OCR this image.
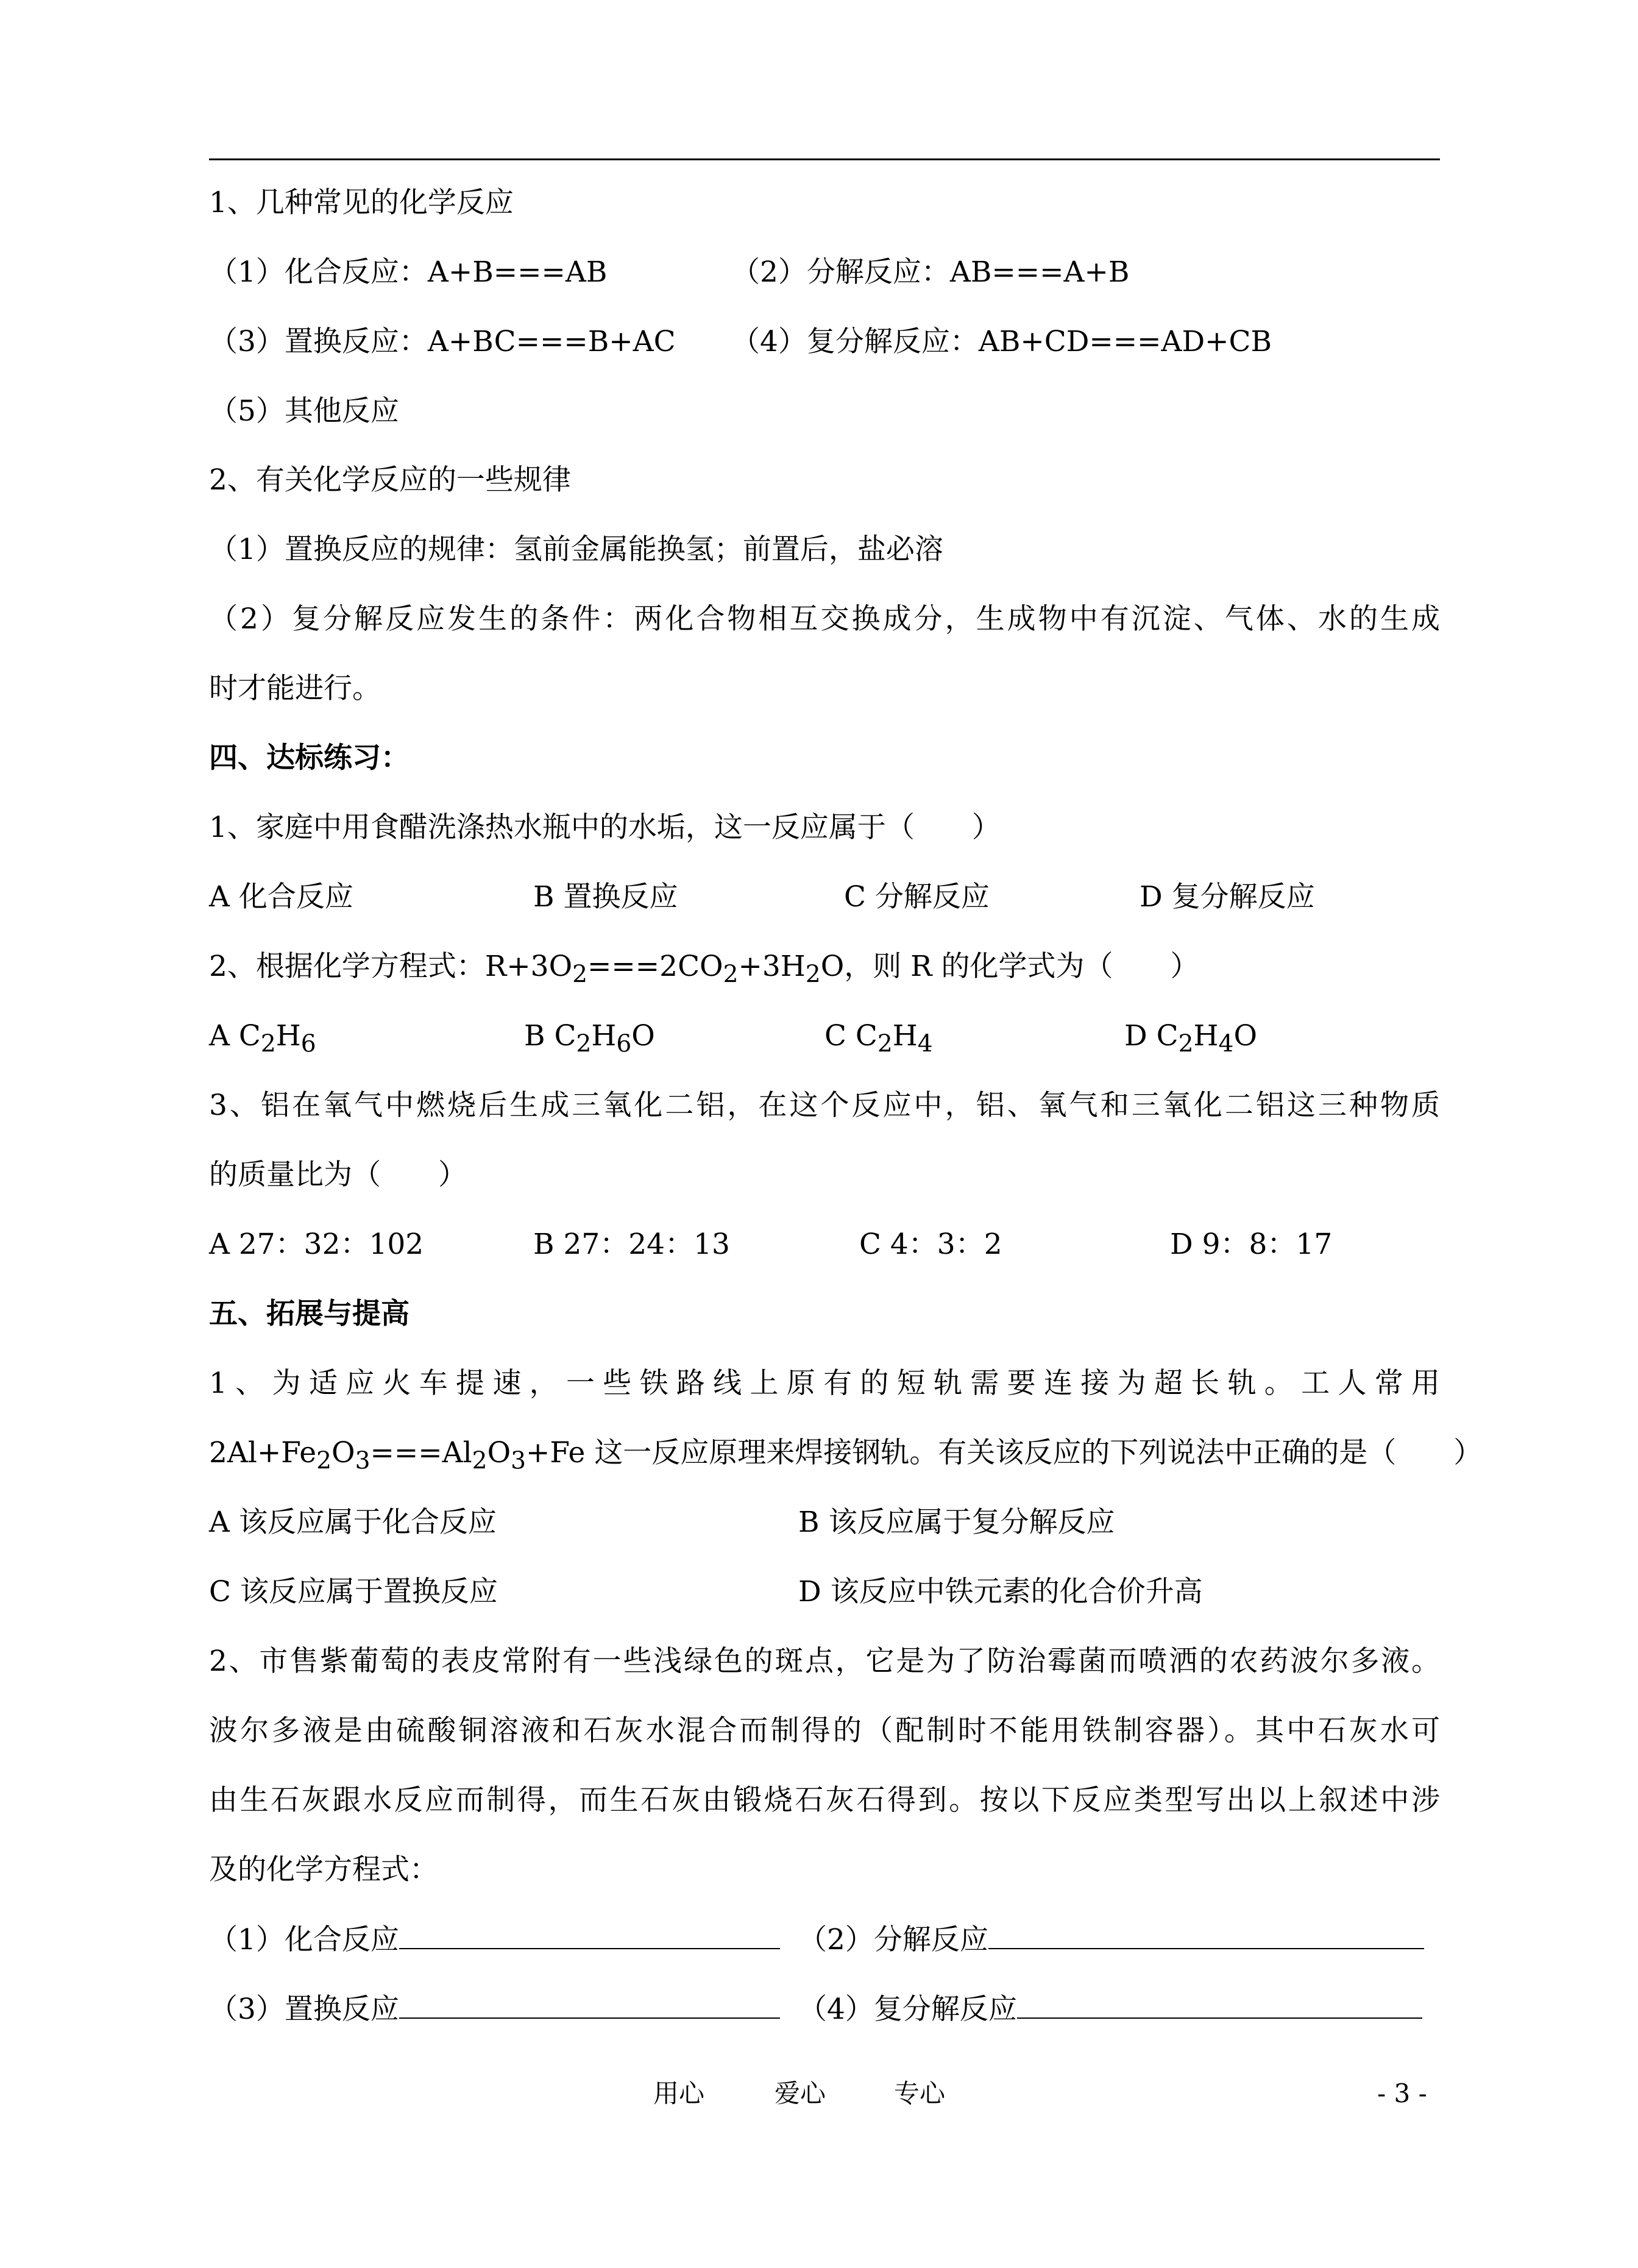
1、几种常见的化学反应
（1）化合反应：A+B===AB	（2）分解反应：AB===A+B
（3）置换反应：A+BC===B+AC （4）复分解反应：AB+CD===AD+CB
（5）其他反应
2、有关化学反应的一些规律
（1）置换反应的规律：氢前金属能换氢；前置后，盐必溶
（2）复分解反应发生的条件：两化合物相互交换成分，生成物中有沉淀、气体、水的生成
时才能进行。
四、达标练习：
1、家庭中用食醋洗涤热水瓶中的水垢，这一反应属于（　　）
A 化合反应	B 置换反应	C 分解反应	D 复分解反应
2、根据化学方程式：$R+3O_2===2CO_2+3H_2O$，则 R 的化学式为（　　）
A $C_2H_6$	B $C_2H_6O$	C $C_2H_4$	D $C_2H_4O$
3、铝在氧气中燃烧后生成三氧化二铝，在这个反应中，铝、氧气和三氧化二铝这三种物质
的质量比为（　　）
A 27：32：102	B 27：24：13	C 4：3：2	D 9：8：17
五、拓展与提高
1、为适应火车提速，一些铁路线上原有的短轨需要连接为超长轨。工人常用
$2Al+Fe_2O_3===Al_2O_3+Fe$ 这一反应原理来焊接钢轨。有关该反应的下列说法中正确的是（　　）
A 该反应属于化合反应	B 该反应属于复分解反应
C 该反应属于置换反应	D 该反应中铁元素的化合价升高
2、市售紫葡萄的表皮常附有一些浅绿色的斑点，它是为了防治霉菌而喷洒的农药波尔多液。
波尔多液是由硫酸铜溶液和石灰水混合而制得的（配制时不能用铁制容器）。其中石灰水可
由生石灰跟水反应而制得，而生石灰由锻烧石灰石得到。按以下反应类型写出以上叙述中涉
及的化学方程式：
（1）化合反应	（2）分解反应
（3）置换反应	（4）复分解反应
用心	爱心	专心	- 3 -
